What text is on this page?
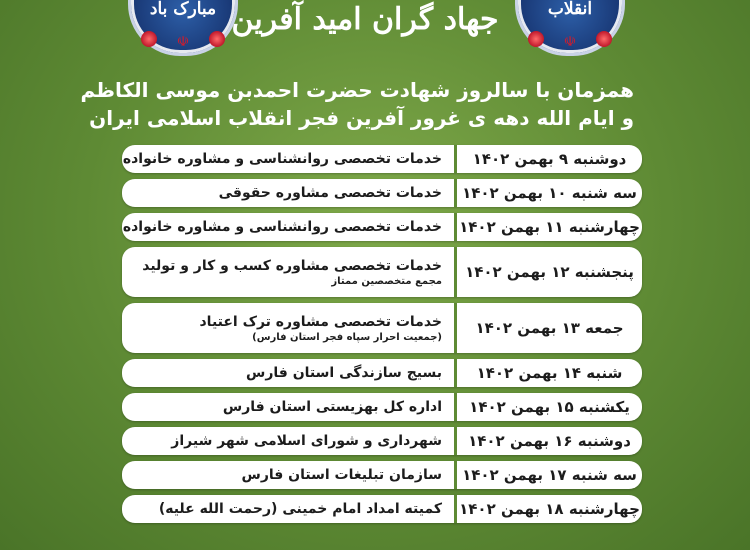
مبارک باد
☫
جهاد گران امید آفرین	انقلاب
☫
همزمان با سالروز شهادت حضرت احمدبن موسی الکاظم
و ایام الله دهه ی غرور آفرین فجر انقلاب اسلامی ایران
دوشنبه ۹ بهمن ۱۴۰۲
خدمات تخصصی روانشناسی و مشاوره خانواده
سه شنبه ۱۰ بهمن ۱۴۰۲
خدمات تخصصی مشاوره حقوقی
چهارشنبه ۱۱ بهمن ۱۴۰۲
خدمات تخصصی روانشناسی و مشاوره خانواده
پنجشنبه ۱۲ بهمن ۱۴۰۲
خدمات تخصصی مشاوره کسب و کار و تولید
مجمع متخصصین ممتاز
جمعه ۱۳ بهمن ۱۴۰۲
خدمات تخصصی مشاوره ترک اعتیاد
(جمعیت احرار سپاه فجر استان فارس)
شنبه ۱۴ بهمن ۱۴۰۲
بسیج سازندگی استان فارس
یکشنبه ۱۵ بهمن ۱۴۰۲
اداره کل بهزیستی استان فارس
دوشنبه ۱۶ بهمن ۱۴۰۲
شهرداری و شورای اسلامی شهر شیراز
سه شنبه ۱۷ بهمن ۱۴۰۲
سازمان تبلیغات استان فارس
چهارشنبه ۱۸ بهمن ۱۴۰۲
کمیته امداد امام خمینی (رحمت الله علیه)
